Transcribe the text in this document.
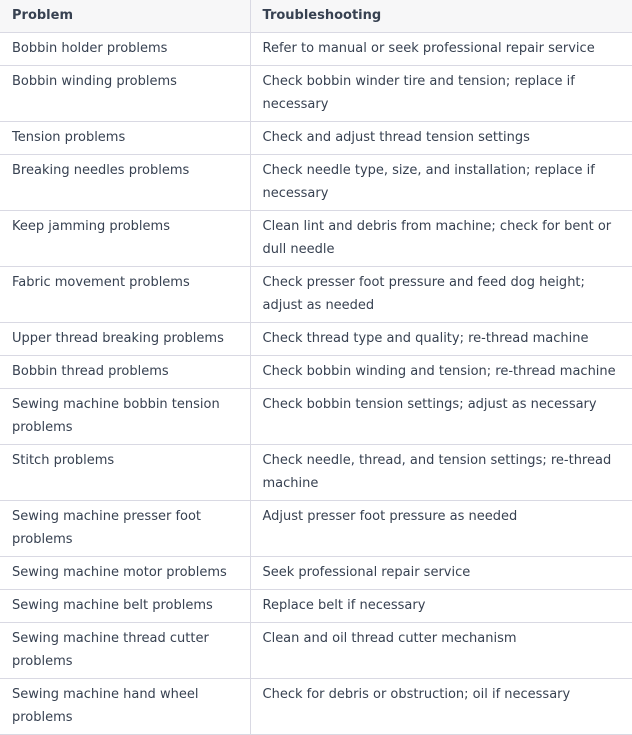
Problem	Troubleshooting
Bobbin holder problems	Refer to manual or seek professional repair service
Bobbin winding problems	Check bobbin winder tire and tension; replace if necessary
Tension problems	Check and adjust thread tension settings
Breaking needles problems	Check needle type, size, and installation; replace if necessary
Keep jamming problems	Clean lint and debris from machine; check for bent or dull needle
Fabric movement problems	Check presser foot pressure and feed dog height; adjust as needed
Upper thread breaking problems	Check thread type and quality; re-thread machine
Bobbin thread problems	Check bobbin winding and tension; re-thread machine
Sewing machine bobbin tension problems	Check bobbin tension settings; adjust as necessary
Stitch problems	Check needle, thread, and tension settings; re-thread machine
Sewing machine presser foot problems	Adjust presser foot pressure as needed
Sewing machine motor problems	Seek professional repair service
Sewing machine belt problems	Replace belt if necessary
Sewing machine thread cutter problems	Clean and oil thread cutter mechanism
Sewing machine hand wheel problems	Check for debris or obstruction; oil if necessary
